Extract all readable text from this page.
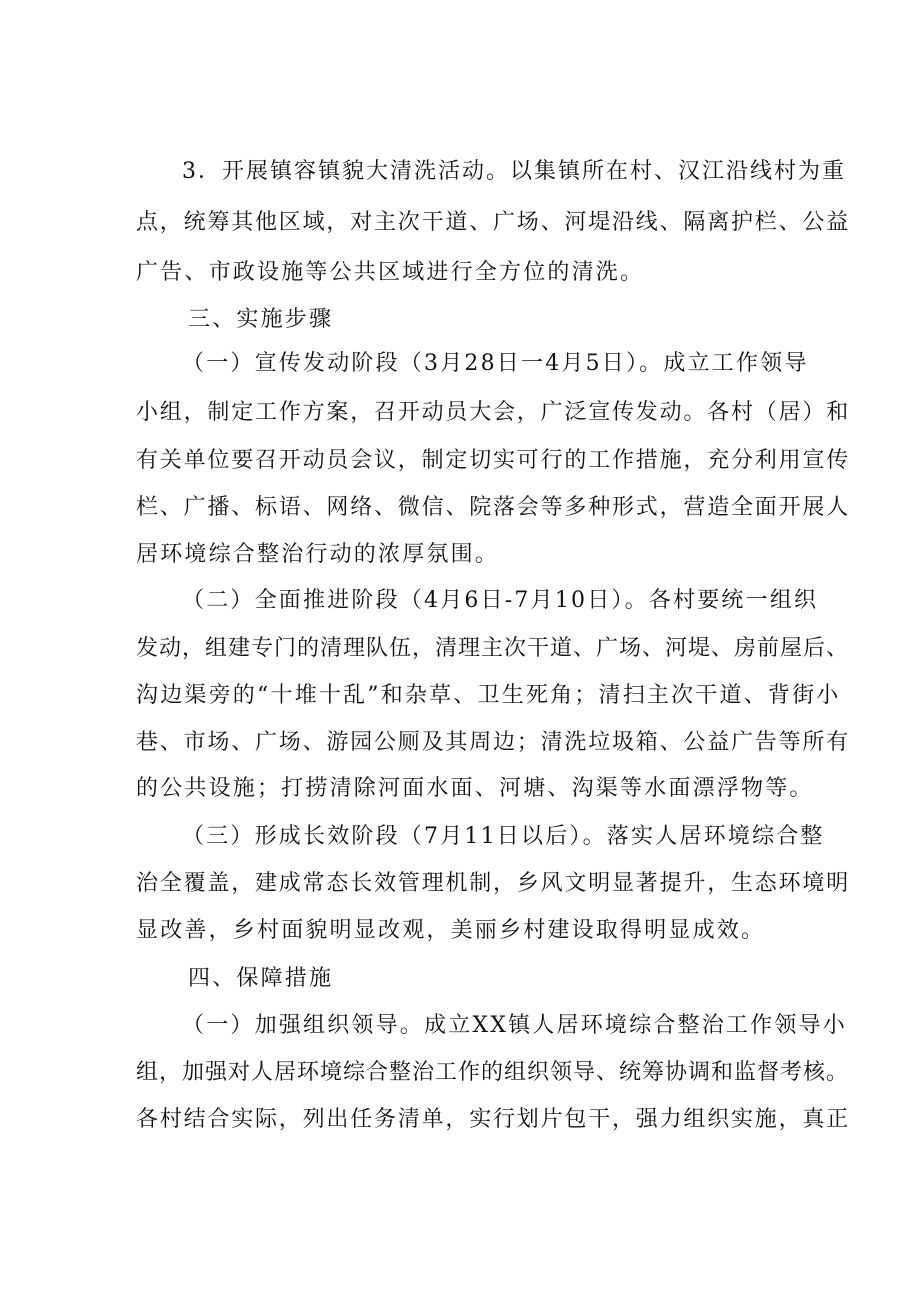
3．开展镇容镇貌大清洗活动。以集镇所在村、汉江沿线村为重
点，统筹其他区域，对主次干道、广场、河堤沿线、隔离护栏、公益
广告、市政设施等公共区域进行全方位的清洗。
三、实施步骤
（一）宣传发动阶段（3月28日一4月5日）。成立工作领导
小组，制定工作方案，召开动员大会，广泛宣传发动。各村（居）和
有关单位要召开动员会议，制定切实可行的工作措施，充分利用宣传
栏、广播、标语、网络、微信、院落会等多种形式，营造全面开展人
居环境综合整治行动的浓厚氛围。
（二）全面推进阶段（4月6日-7月10日）。各村要统一组织
发动，组建专门的清理队伍，清理主次干道、广场、河堤、房前屋后、
沟边渠旁的“十堆十乱”和杂草、卫生死角；清扫主次干道、背街小
巷、市场、广场、游园公厕及其周边；清洗垃圾箱、公益广告等所有
的公共设施；打捞清除河面水面、河塘、沟渠等水面漂浮物等。
（三）形成长效阶段（7月11日以后）。落实人居环境综合整
治全覆盖，建成常态长效管理机制，乡风文明显著提升，生态环境明
显改善，乡村面貌明显改观，美丽乡村建设取得明显成效。
四、保障措施
（一）加强组织领导。成立XX镇人居环境综合整治工作领导小
组，加强对人居环境综合整治工作的组织领导、统筹协调和监督考核。
各村结合实际，列出任务清单，实行划片包干，强力组织实施，真正
